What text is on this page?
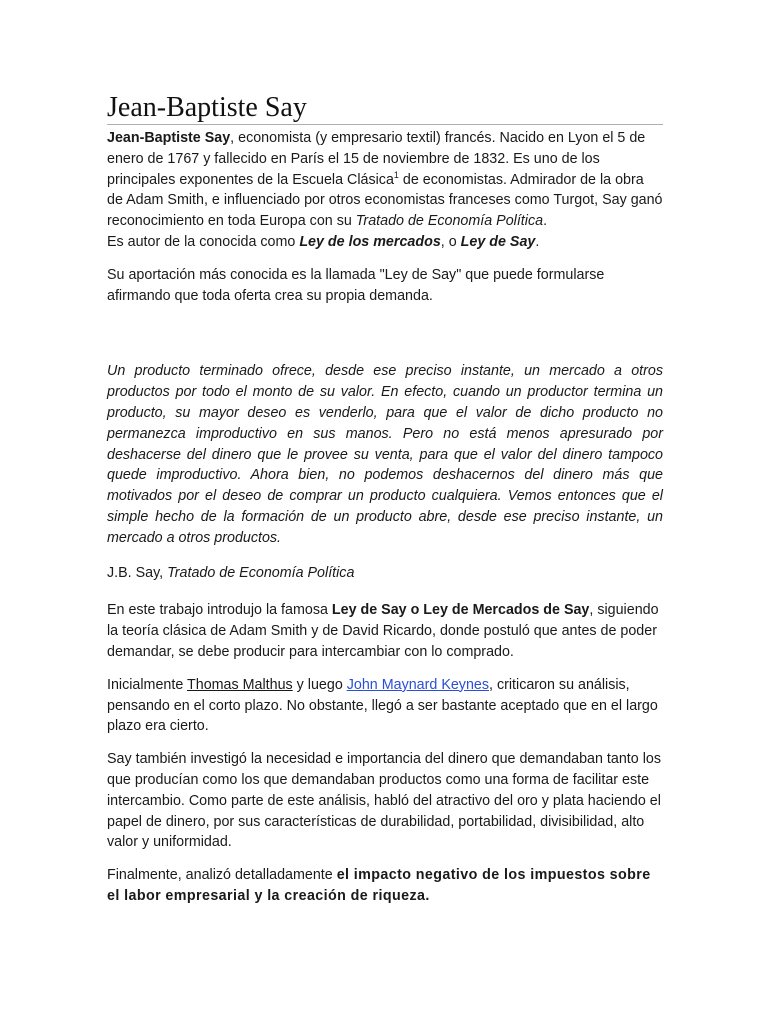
Jean-Baptiste Say

Jean-Baptiste Say, economista (y empresario textil) francés. Nacido en Lyon el 5 de enero de 1767 y fallecido en París el 15 de noviembre de 1832. Es uno de los principales exponentes de la Escuela Clásica$^1$ de economistas. Admirador de la obra de Adam Smith, e influenciado por otros economistas franceses como Turgot, Say ganó reconocimiento en toda Europa con su Tratado de Economía Política.
Es autor de la conocida como Ley de los mercados, o Ley de Say.

Su aportación más conocida es la llamada "Ley de Say" que puede formularse afirmando que toda oferta crea su propia demanda.

Un producto terminado ofrece, desde ese preciso instante, un mercado a otros productos por todo el monto de su valor. En efecto, cuando un productor termina un producto, su mayor deseo es venderlo, para que el valor de dicho producto no permanezca improductivo en sus manos. Pero no está menos apresurado por deshacerse del dinero que le provee su venta, para que el valor del dinero tampoco quede improductivo. Ahora bien, no podemos deshacernos del dinero más que motivados por el deseo de comprar un producto cualquiera. Vemos entonces que el simple hecho de la formación de un producto abre, desde ese preciso instante, un mercado a otros productos.

J.B. Say, Tratado de Economía Política

En este trabajo introdujo la famosa Ley de Say o Ley de Mercados de Say, siguiendo la teoría clásica de Adam Smith y de David Ricardo, donde postuló que antes de poder demandar, se debe producir para intercambiar con lo comprado.

Inicialmente Thomas Malthus y luego John Maynard Keynes, criticaron su análisis, pensando en el corto plazo. No obstante, llegó a ser bastante aceptado que en el largo plazo era cierto.

Say también investigó la necesidad e importancia del dinero que demandaban tanto los que producían como los que demandaban productos como una forma de facilitar este intercambio. Como parte de este análisis, habló del atractivo del oro y plata haciendo el papel de dinero, por sus características de durabilidad, portabilidad, divisibilidad, alto valor y uniformidad.

Finalmente, analizó detalladamente el impacto negativo de los impuestos sobre el labor empresarial y la creación de riqueza.
